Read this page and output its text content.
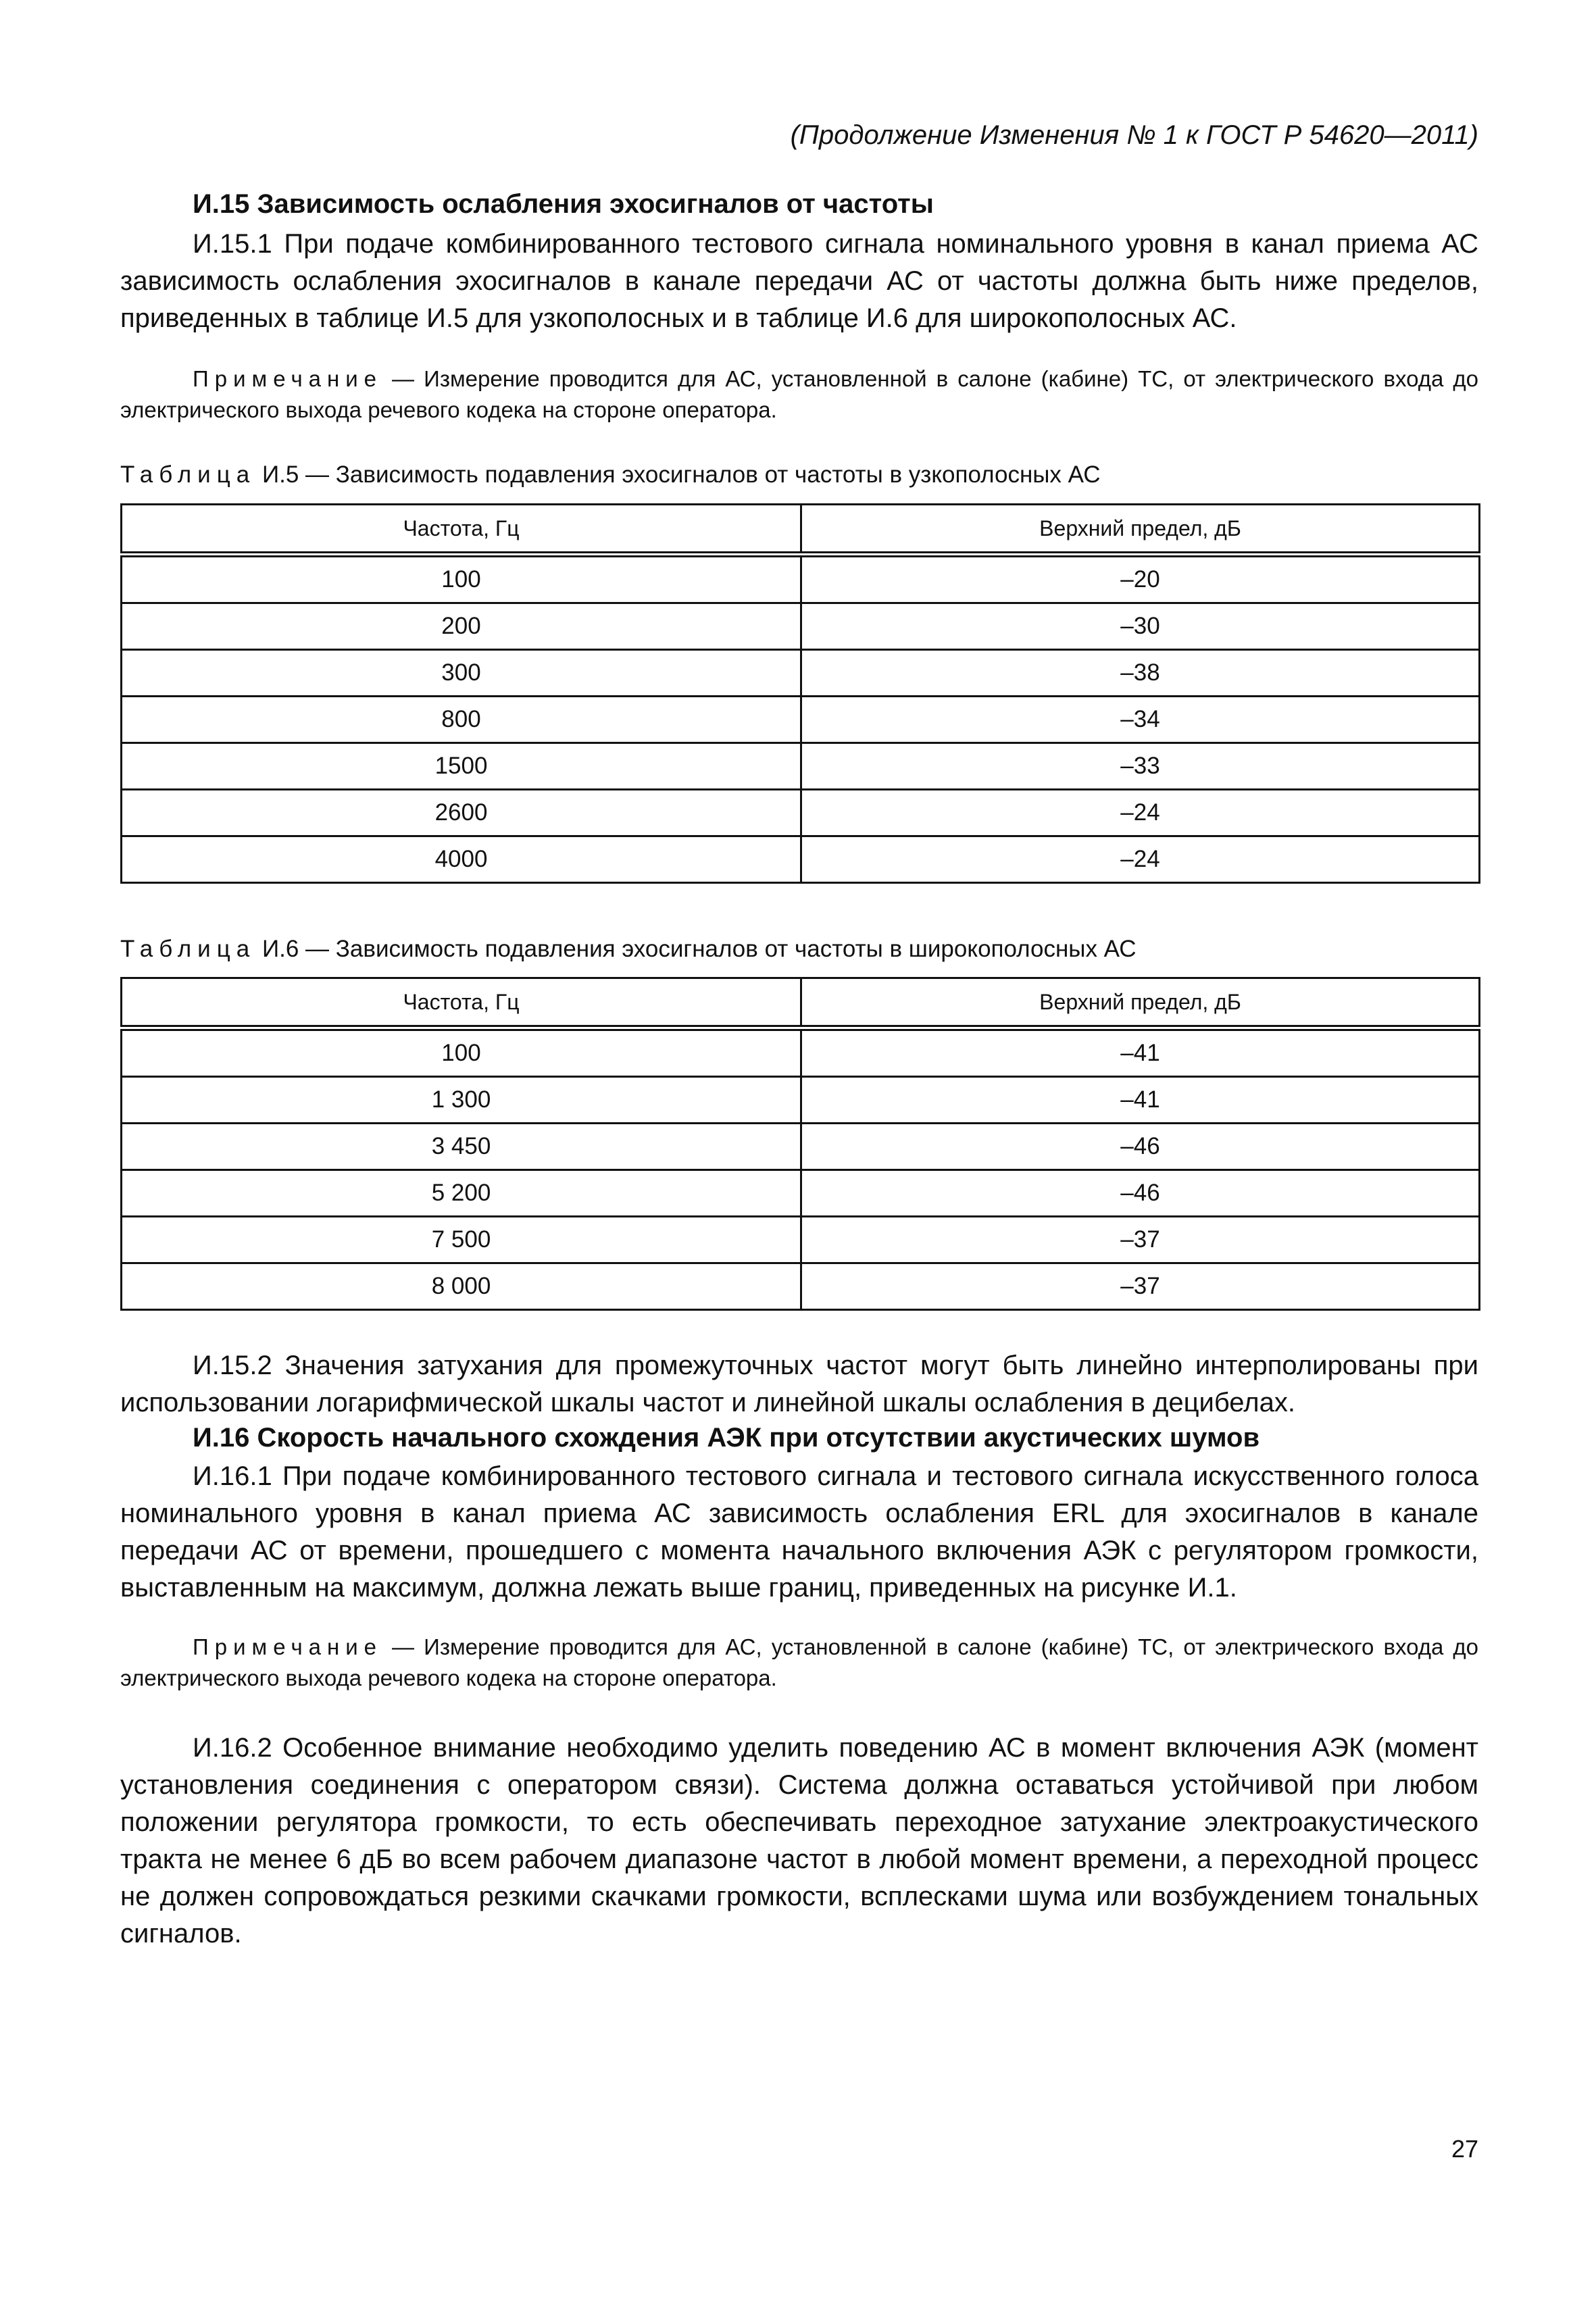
(Продолжение Изменения № 1 к ГОСТ Р 54620—2011)
И.15 Зависимость ослабления эхосигналов от частоты

И.15.1 При подаче комбинированного тестового сигнала номинального уровня в канал приема АС зависимость ослабления эхосигналов в канале передачи АС от частоты должна быть ниже пределов, приведенных в таблице И.5 для узкополосных и в таблице И.6 для широкополосных АС.

Примечание — Измерение проводится для АС, установленной в салоне (кабине) ТС, от электрического входа до электрического выхода речевого кодека на стороне оператора.

Таблица И.5 — Зависимость подавления эхосигналов от частоты в узкополосных АС
Частота, Гц	Верхний предел, дБ
100	–20
200	–30
300	–38
800	–34
1500	–33
2600	–24
4000	–24
Таблица И.6 — Зависимость подавления эхосигналов от частоты в широкополосных АС
Частота, Гц	Верхний предел, дБ
100	–41
1 300	–41
3 450	–46
5 200	–46
7 500	–37
8 000	–37

И.15.2 Значения затухания для промежуточных частот могут быть линейно интерполированы при использовании логарифмической шкалы частот и линейной шкалы ослабления в децибелах.

И.16 Скорость начального схождения АЭК при отсутствии акустических шумов

И.16.1 При подаче комбинированного тестового сигнала и тестового сигнала искусственного голоса номинального уровня в канал приема АС зависимость ослабления ERL для эхосигналов в канале передачи АС от времени, прошедшего с момента начального включения АЭК с регулятором громкости, выставленным на максимум, должна лежать выше границ, приведенных на рисунке И.1.

Примечание — Измерение проводится для АС, установленной в салоне (кабине) ТС, от электрического входа до электрического выхода речевого кодека на стороне оператора.

И.16.2 Особенное внимание необходимо уделить поведению АС в момент включения АЭК (момент установления соединения с оператором связи). Система должна оставаться устойчивой при любом положении регулятора громкости, то есть обеспечивать переходное затухание электроакустического тракта не менее 6 дБ во всем рабочем диапазоне частот в любой момент времени, а переходной процесс не должен сопровождаться резкими скачками громкости, всплесками шума или возбуждением тональных сигналов.

27
